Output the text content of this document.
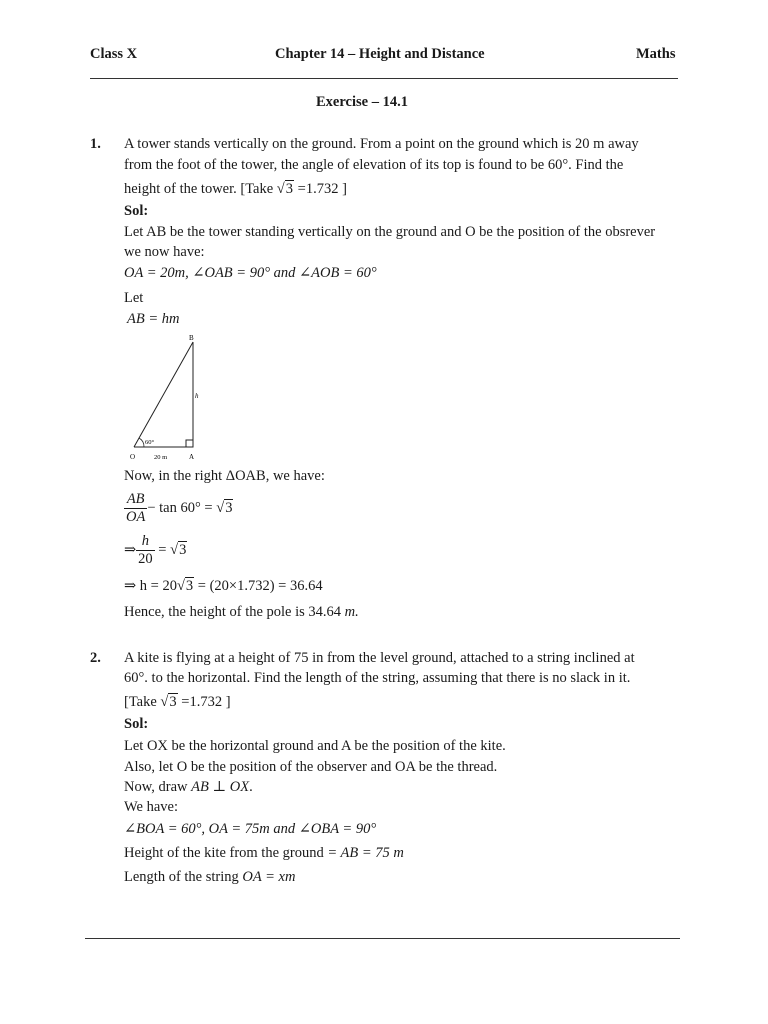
Class X	Chapter 14 – Height and Distance	Maths
Exercise – 14.1
1. A tower stands vertically on the ground. From a point on the ground which is 20 m away
from the foot of the tower, the angle of elevation of its top is found to be 60°. Find the
height of the tower. [Take √3 =1.732 ]
Sol:
Let AB be the tower standing vertically on the ground and O be the position of the obsrever
we now have:
OA = 20m, ∠OAB = 90° and ∠AOB = 60°
Let
AB = hm
B
h
60°
O	20 m	A
Now, in the right ΔOAB, we have:
$\frac{AB}{OA} - \tan 60^\circ = √3$
⇒ $\frac{h}{20} = √3$
⇒ h = 20√3 = (20×1.732) = 36.64
Hence, the height of the pole is 34.64 m.
2. A kite is flying at a height of 75 in from the level ground, attached to a string inclined at
60°. to the horizontal. Find the length of the string, assuming that there is no slack in it.
[Take √3 =1.732 ]
Sol:
Let OX be the horizontal ground and A be the position of the kite.
Also, let O be the position of the observer and OA be the thread.
Now, draw AB ⊥ OX.
We have:
∠BOA = 60°, OA = 75m and ∠OBA = 90°
Height of the kite from the ground = AB = 75 m
Length of the string OA = xm
